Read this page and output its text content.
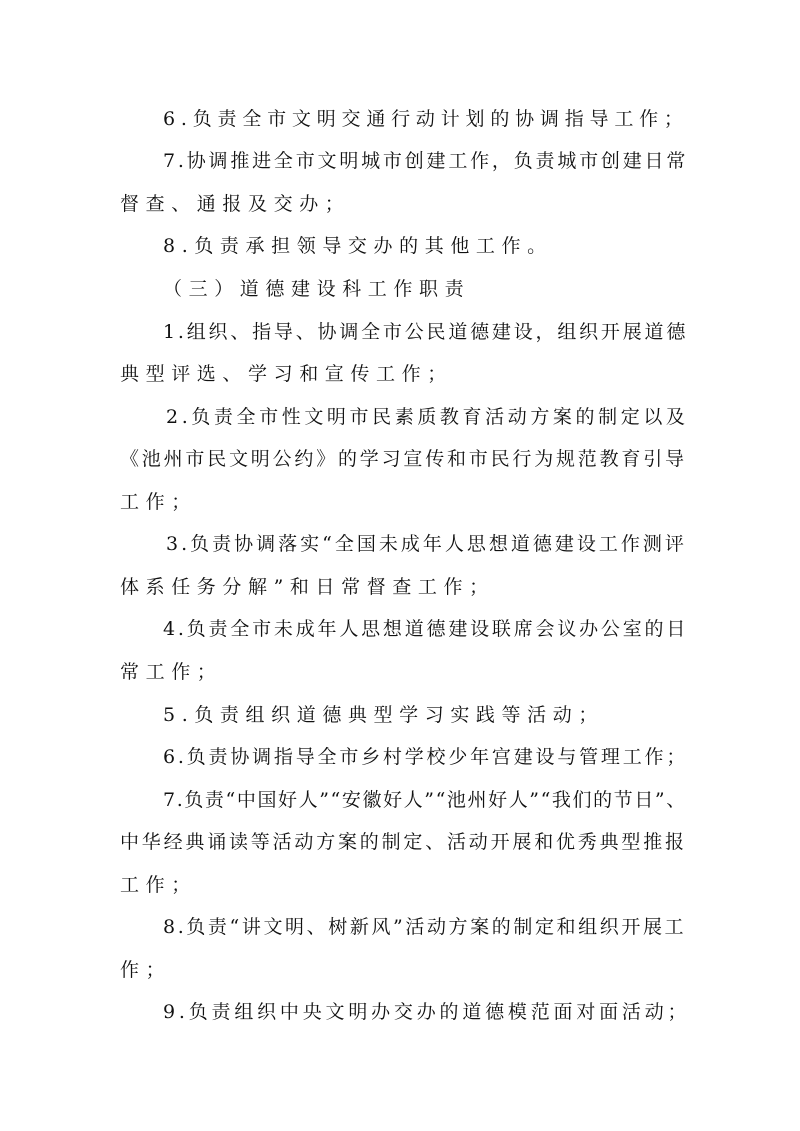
6.负责全市文明交通行动计划的协调指导工作；
7.协调推进全市文明城市创建工作，负责城市创建日常
督查、通报及交办；
8.负责承担领导交办的其他工作。
（三）道德建设科工作职责
1.组织、指导、协调全市公民道德建设，组织开展道德
典型评选、学习和宣传工作；
2.负责全市性文明市民素质教育活动方案的制定以及
《池州市民文明公约》的学习宣传和市民行为规范教育引导
工作；
3.负责协调落实“全国未成年人思想道德建设工作测评
体系任务分解”和日常督查工作；
4.负责全市未成年人思想道德建设联席会议办公室的日
常工作；
5.负责组织道德典型学习实践等活动；
6.负责协调指导全市乡村学校少年宫建设与管理工作；
7.负责“中国好人”“安徽好人”“池州好人”“我们的节日”、
中华经典诵读等活动方案的制定、活动开展和优秀典型推报
工作；
8.负责“讲文明、树新风”活动方案的制定和组织开展工
作；
9.负责组织中央文明办交办的道德模范面对面活动；
